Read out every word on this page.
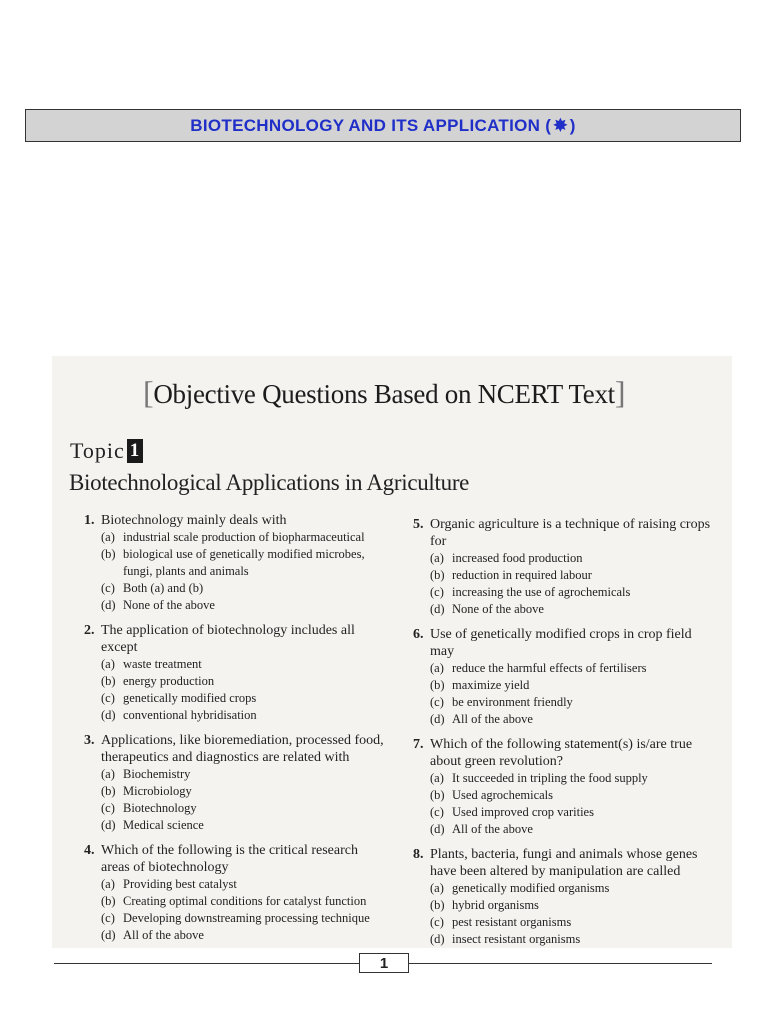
BIOTECHNOLOGY AND ITS APPLICATION ( ✸ )
[Objective Questions Based on NCERT Text]
Topic 1
Biotechnological Applications in Agriculture
1. Biotechnology mainly deals with
(a) industrial scale production of biopharmaceutical
(b) biological use of genetically modified microbes, fungi, plants and animals
(c) Both (a) and (b)
(d) None of the above
2. The application of biotechnology includes all except
(a) waste treatment
(b) energy production
(c) genetically modified crops
(d) conventional hybridisation
3. Applications, like bioremediation, processed food, therapeutics and diagnostics are related with
(a) Biochemistry
(b) Microbiology
(c) Biotechnology
(d) Medical science
4. Which of the following is the critical research areas of biotechnology
(a) Providing best catalyst
(b) Creating optimal conditions for catalyst function
(c) Developing downstreaming processing technique
(d) All of the above
5. Organic agriculture is a technique of raising crops for
(a) increased food production
(b) reduction in required labour
(c) increasing the use of agrochemicals
(d) None of the above
6. Use of genetically modified crops in crop field may
(a) reduce the harmful effects of fertilisers
(b) maximize yield
(c) be environment friendly
(d) All of the above
7. Which of the following statement(s) is/are true about green revolution?
(a) It succeeded in tripling the food supply
(b) Used agrochemicals
(c) Used improved crop varities
(d) All of the above
8. Plants, bacteria, fungi and animals whose genes have been altered by manipulation are called
(a) genetically modified organisms
(b) hybrid organisms
(c) pest resistant organisms
(d) insect resistant organisms
1
